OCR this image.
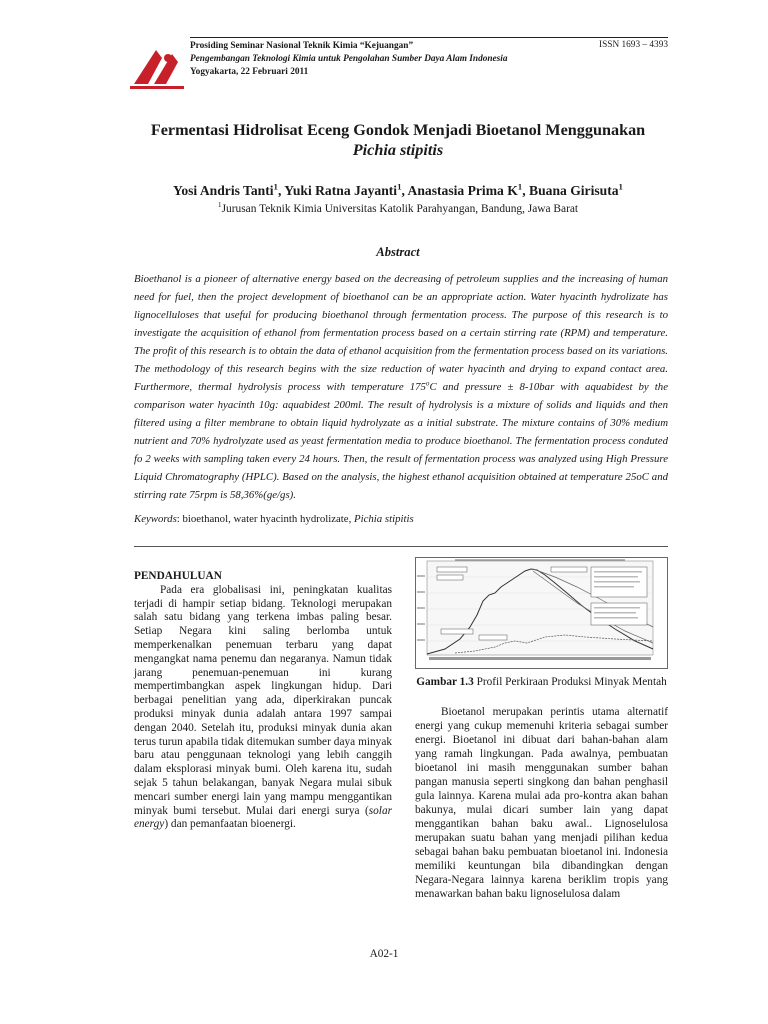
Prosiding Seminar Nasional Teknik Kimia “Kejuangan”
Pengembangan Teknologi Kimia untuk Pengolahan Sumber Daya Alam Indonesia
Yogyakarta, 22 Februari 2011
ISSN 1693 – 4393
Fermentasi Hidrolisat Eceng Gondok Menjadi Bioetanol Menggunakan
Pichia stipitis
Yosi Andris Tanti$^1$, Yuki Ratna Jayanti$^1$, Anastasia Prima $K^1$, Buana Girisuta$^1$
$^1$Jurusan Teknik Kimia Universitas Katolik Parahyangan, Bandung, Jawa Barat
Abstract
Bioethanol is a pioneer of alternative energy based on the decreasing of petroleum supplies and the increasing of human need for fuel, then the project development of bioethanol can be an appropriate action. Water hyacinth hydrolizate has lignocelluloses that useful for producing bioethanol through fermentation process. The purpose of this research is to investigate the acquisition of ethanol from fermentation process based on a certain stirring rate (RPM) and temperature. The profit of this research is to obtain the data of ethanol acquisition from the fermentation process based on its variations. The methodology of this research begins with the size reduction of water hyacinth and drying to expand contact area. Furthermore, thermal hydrolysis process with temperature 175$^o$C and pressure ± 8-10bar with aquabidest by the comparison water hyacinth 10g: aquabidest 200ml. The result of hydrolysis is a mixture of solids and liquids and then filtered using a filter membrane to obtain liquid hydrolyzate as a initial substrate. The mixture contains of 30% medium nutrient and 70% hydrolyzate used as yeast fermentation media to produce bioethanol. The fermentation process conduted fo 2 weeks with sampling taken every 24 hours. Then, the result of fermentation process was analyzed using High Pressure Liquid Chromatography (HPLC). Based on the analysis, the highest ethanol acquisition obtained at temperature 25oC and stirring rate 75rpm is 58,36%(ge/gs).
Keywords: bioethanol, water hyacinth hydrolizate, Pichia stipitis
PENDAHULUAN
Pada era globalisasi ini, peningkatan kualitas terjadi di hampir setiap bidang. Teknologi merupakan salah satu bidang yang terkena imbas paling besar. Setiap Negara kini saling berlomba untuk memperkenalkan penemuan terbaru yang dapat mengangkat nama penemu dan negaranya. Namun tidak jarang penemuan-penemuan ini kurang mempertimbangkan aspek lingkungan hidup. Dari berbagai penelitian yang ada, diperkirakan puncak produksi minyak dunia adalah antara 1997 sampai dengan 2040. Setelah itu, produksi minyak dunia akan terus turun apabila tidak ditemukan sumber daya minyak baru atau penggunaan teknologi yang lebih canggih dalam eksplorasi minyak bumi. Oleh karena itu, sudah sejak 5 tahun belakangan, banyak Negara mulai sibuk mencari sumber energi lain yang mampu menggantikan minyak bumi tersebut. Mulai dari energi surya (solar energy) dan pemanfaatan bioenergi.
Gambar 1.3 Profil Perkiraan Produksi Minyak Mentah
Bioetanol merupakan perintis utama alternatif energi yang cukup memenuhi kriteria sebagai sumber energi. Bioetanol ini dibuat dari bahan-bahan alam yang ramah lingkungan. Pada awalnya, pembuatan bioetanol ini masih menggunakan sumber bahan pangan manusia seperti singkong dan bahan penghasil gula lainnya. Karena mulai ada pro-kontra akan bahan bakunya, mulai dicari sumber lain yang dapat menggantikan bahan baku awal.. Lignoselulosa merupakan suatu bahan yang menjadi pilihan kedua sebagai bahan baku pembuatan bioetanol ini. Indonesia memiliki keuntungan bila dibandingkan dengan Negara-Negara lainnya karena beriklim tropis yang menawarkan bahan baku lignoselulosa dalam
A02-1
